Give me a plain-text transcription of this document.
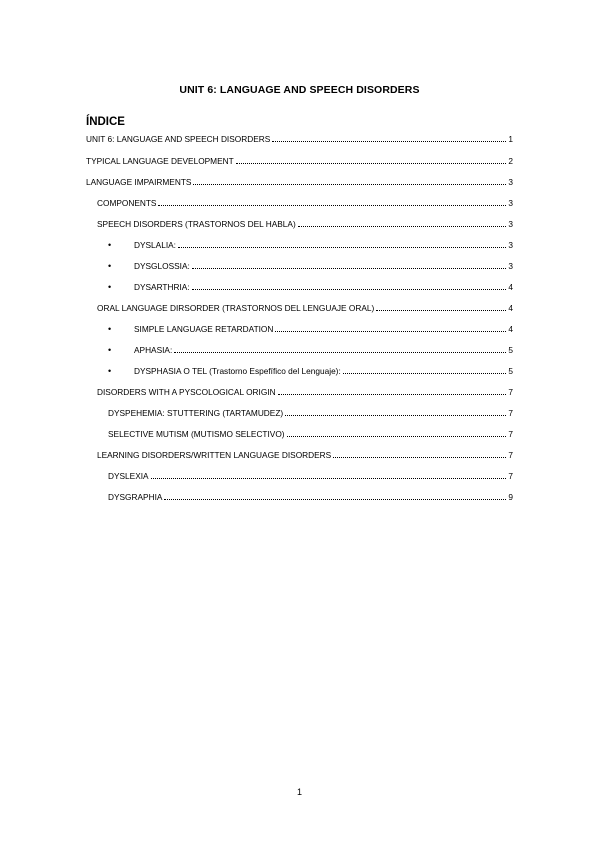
UNIT 6: LANGUAGE AND SPEECH DISORDERS
ÍNDICE
UNIT 6: LANGUAGE AND SPEECH DISORDERS	1
TYPICAL LANGUAGE DEVELOPMENT	2
LANGUAGE IMPAIRMENTS	3
COMPONENTS	3
SPEECH DISORDERS (TRASTORNOS DEL HABLA)	3
•	DYSLALIA:	3
•	DYSGLOSSIA:	3
•	DYSARTHRIA:	4
ORAL LANGUAGE DIRSORDER (TRASTORNOS DEL LENGUAJE ORAL)	4
•	SIMPLE LANGUAGE RETARDATION	4
•	APHASIA:	5
•	DYSPHASIA O TEL (Trastorno Espefífico del Lenguaje):	5
DISORDERS WITH A PYSCOLOGICAL ORIGIN	7
DYSPEHEMIA: STUTTERING (TARTAMUDEZ)	7
SELECTIVE MUTISM (MUTISMO SELECTIVO)	7
LEARNING DISORDERS/WRITTEN LANGUAGE DISORDERS	7
DYSLEXIA	7
DYSGRAPHIA	9
1
